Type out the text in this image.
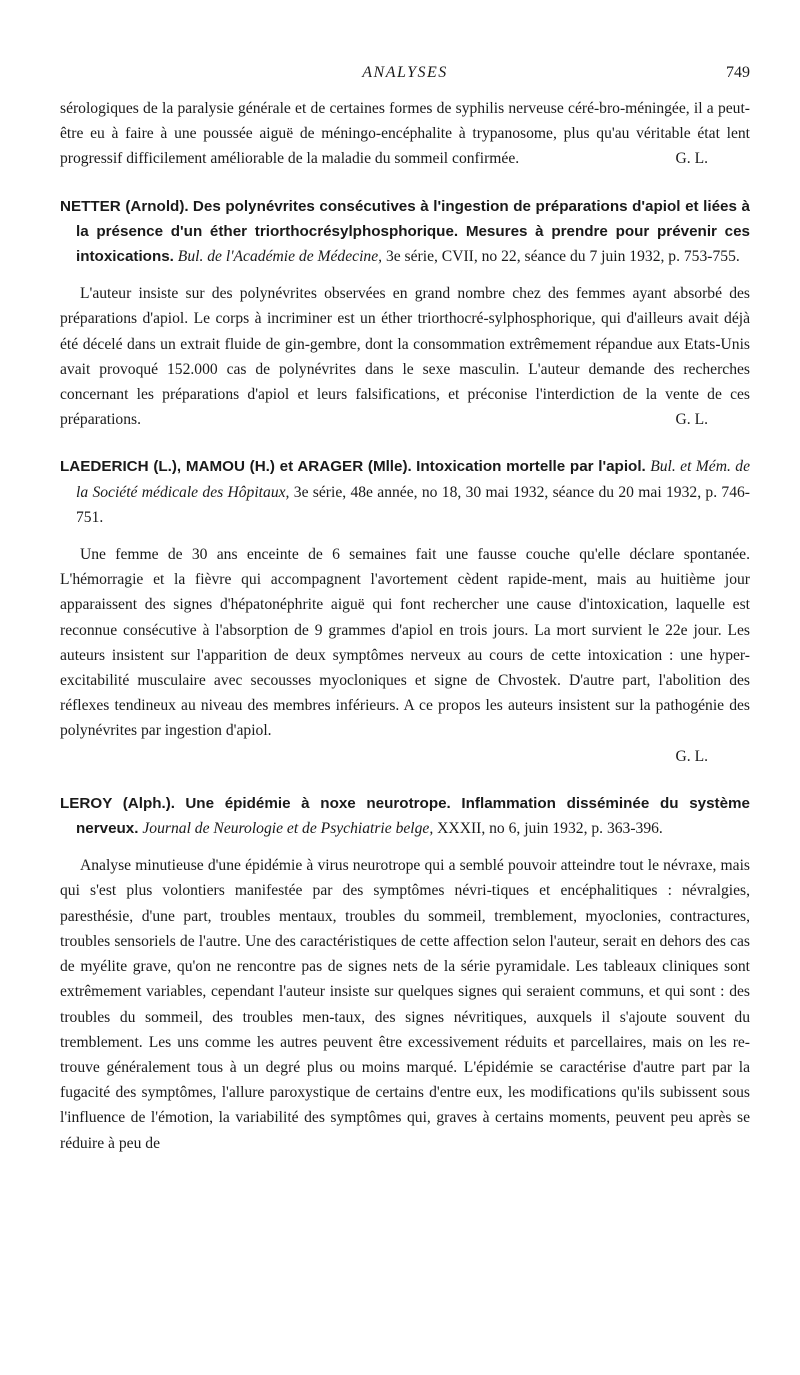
ANALYSES	749

sérologiques de la paralysie générale et de certaines formes de syphilis nerveuse céré-bro-méningée, il a peut-être eu à faire à une poussée aiguë de méningo-encéphalite à trypanosome, plus qu'au véritable état lent progressif difficilement améliorable de la maladie du sommeil confirmée.	G. L.

NETTER (Arnold). Des polynévrites consécutives à l'ingestion de préparations d'apiol et liées à la présence d'un éther triorthocrésylphosphorique. Mesures à prendre pour prévenir ces intoxications. Bul. de l'Académie de Médecine, 3e série, CVII, no 22, séance du 7 juin 1932, p. 753-755.

L'auteur insiste sur des polynévrites observées en grand nombre chez des femmes ayant absorbé des préparations d'apiol. Le corps à incriminer est un éther triorthocré-sylphosphorique, qui d'ailleurs avait déjà été décelé dans un extrait fluide de gin-gembre, dont la consommation extrêmement répandue aux Etats-Unis avait provoqué 152.000 cas de polynévrites dans le sexe masculin. L'auteur demande des recherches concernant les préparations d'apiol et leurs falsifications, et préconise l'interdiction de la vente de ces préparations.	G. L.

LAEDERICH (L.), MAMOU (H.) et ARAGER (Mlle). Intoxication mortelle par l'apiol. Bul. et Mém. de la Société médicale des Hôpitaux, 3e série, 48e année, no 18, 30 mai 1932, séance du 20 mai 1932, p. 746-751.

Une femme de 30 ans enceinte de 6 semaines fait une fausse couche qu'elle déclare spontanée. L'hémorragie et la fièvre qui accompagnent l'avortement cèdent rapide-ment, mais au huitième jour apparaissent des signes d'hépatonéphrite aiguë qui font rechercher une cause d'intoxication, laquelle est reconnue consécutive à l'absorption de 9 grammes d'apiol en trois jours. La mort survient le 22e jour. Les auteurs insistent sur l'apparition de deux symptômes nerveux au cours de cette intoxication : une hyper-excitabilité musculaire avec secousses myocloniques et signe de Chvostek. D'autre part, l'abolition des réflexes tendineux au niveau des membres inférieurs. A ce propos les auteurs insistent sur la pathogénie des polynévrites par ingestion d'apiol.

G. L.

LEROY (Alph.). Une épidémie à noxe neurotrope. Inflammation disséminée du système nerveux. Journal de Neurologie et de Psychiatrie belge, XXXII, no 6, juin 1932, p. 363-396.

Analyse minutieuse d'une épidémie à virus neurotrope qui a semblé pouvoir atteindre tout le névraxe, mais qui s'est plus volontiers manifestée par des symptômes névri-tiques et encéphalitiques : névralgies, paresthésie, d'une part, troubles mentaux, troubles du sommeil, tremblement, myoclonies, contractures, troubles sensoriels de l'autre. Une des caractéristiques de cette affection selon l'auteur, serait en dehors des cas de myélite grave, qu'on ne rencontre pas de signes nets de la série pyramidale. Les tableaux cliniques sont extrêmement variables, cependant l'auteur insiste sur quelques signes qui seraient communs, et qui sont : des troubles du sommeil, des troubles men-taux, des signes névritiques, auxquels il s'ajoute souvent du tremblement. Les uns comme les autres peuvent être excessivement réduits et parcellaires, mais on les re-trouve généralement tous à un degré plus ou moins marqué. L'épidémie se caractérise d'autre part par la fugacité des symptômes, l'allure paroxystique de certains d'entre eux, les modifications qu'ils subissent sous l'influence de l'émotion, la variabilité des symptômes qui, graves à certains moments, peuvent peu après se réduire à peu de
